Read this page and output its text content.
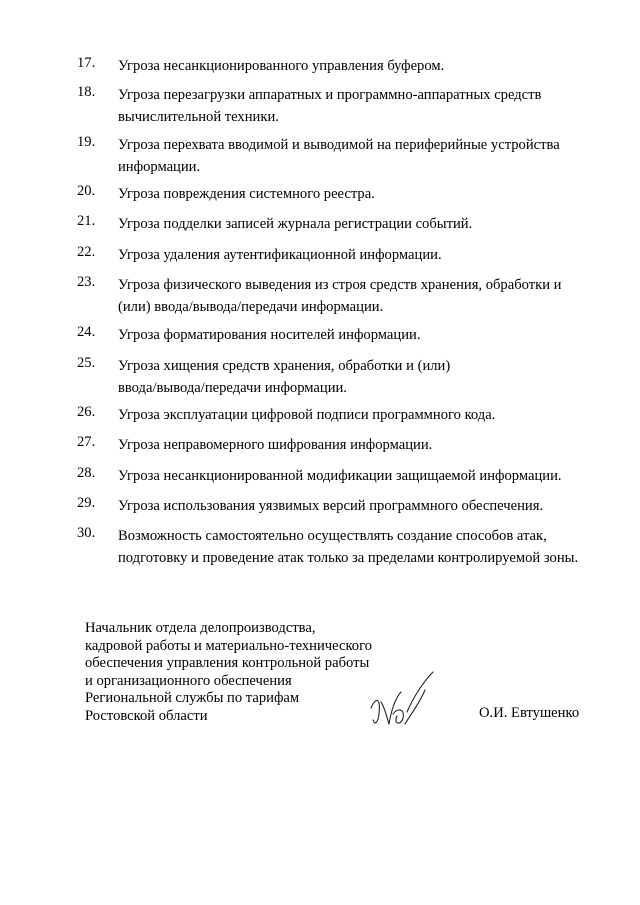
17. Угроза несанкционированного управления буфером.
18. Угроза перезагрузки аппаратных и программно-аппаратных средств
вычислительной техники.
19. Угроза перехвата вводимой и выводимой на периферийные устройства
информации.
20. Угроза повреждения системного реестра.
21. Угроза подделки записей журнала регистрации событий.
22. Угроза удаления аутентификационной информации.
23. Угроза физического выведения из строя средств хранения, обработки и
(или) ввода/вывода/передачи информации.
24. Угроза форматирования носителей информации.
25. Угроза хищения средств хранения, обработки и (или)
ввода/вывода/передачи информации.
26. Угроза эксплуатации цифровой подписи программного кода.
27. Угроза неправомерного шифрования информации.
28. Угроза несанкционированной модификации защищаемой информации.
29. Угроза использования уязвимых версий программного обеспечения.
30. Возможность самостоятельно осуществлять создание способов атак,
подготовку и проведение атак только за пределами контролируемой зоны.
Начальник отдела делопроизводства,
кадровой работы и материально-технического
обеспечения управления контрольной работы
и организационного обеспечения
Региональной службы по тарифам
Ростовской области	О.И. Евтушенко
